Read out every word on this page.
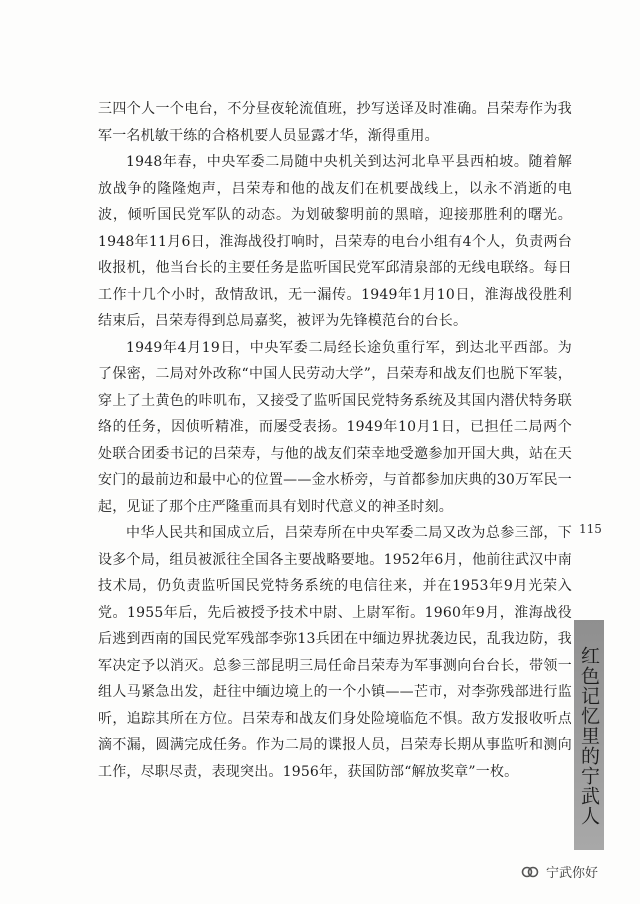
三四个人一个电台，不分昼夜轮流值班，抄写送译及时准确。吕荣寿作为我军一名机敏干练的合格机要人员显露才华，渐得重用。

1948年春，中央军委二局随中央机关到达河北阜平县西柏坡。随着解放战争的隆隆炮声，吕荣寿和他的战友们在机要战线上，以永不消逝的电波，倾听国民党军队的动态。为划破黎明前的黑暗，迎接那胜利的曙光。1948年11月6日，淮海战役打响时，吕荣寿的电台小组有4个人，负责两台收报机，他当台长的主要任务是监听国民党军邱清泉部的无线电联络。每日工作十几个小时，敌情敌讯，无一漏传。1949年1月10日，淮海战役胜利结束后，吕荣寿得到总局嘉奖，被评为先锋模范台的台长。

1949年4月19日，中央军委二局经长途负重行军，到达北平西部。为了保密，二局对外改称“中国人民劳动大学”，吕荣寿和战友们也脱下军装，穿上了土黄色的咔叽布，又接受了监听国民党特务系统及其国内潜伏特务联络的任务，因侦听精准，而屡受表扬。1949年10月1日，已担任二局两个处联合团委书记的吕荣寿，与他的战友们荣幸地受邀参加开国大典，站在天安门的最前边和最中心的位置——金水桥旁，与首都参加庆典的30万军民一起，见证了那个庄严隆重而具有划时代意义的神圣时刻。

中华人民共和国成立后，吕荣寿所在中央军委二局又改为总参三部，下设多个局，组员被派往全国各主要战略要地。1952年6月，他前往武汉中南技术局，仍负责监听国民党特务系统的电信往来，并在1953年9月光荣入党。1955年后，先后被授予技术中尉、上尉军衔。1960年9月，淮海战役后逃到西南的国民党军残部李弥13兵团在中缅边界扰袭边民，乱我边防，我军决定予以消灭。总参三部昆明三局任命吕荣寿为军事测向台台长，带领一组人马紧急出发，赶往中缅边境上的一个小镇——芒市，对李弥残部进行监听，追踪其所在方位。吕荣寿和战友们身处险境临危不惧。敌方发报收听点滴不漏，圆满完成任务。作为二局的谍报人员，吕荣寿长期从事监听和测向工作，尽职尽责，表现突出。1956年，获国防部“解放奖章”一枚。

115
红色记忆里的宁武人
宁武你好
